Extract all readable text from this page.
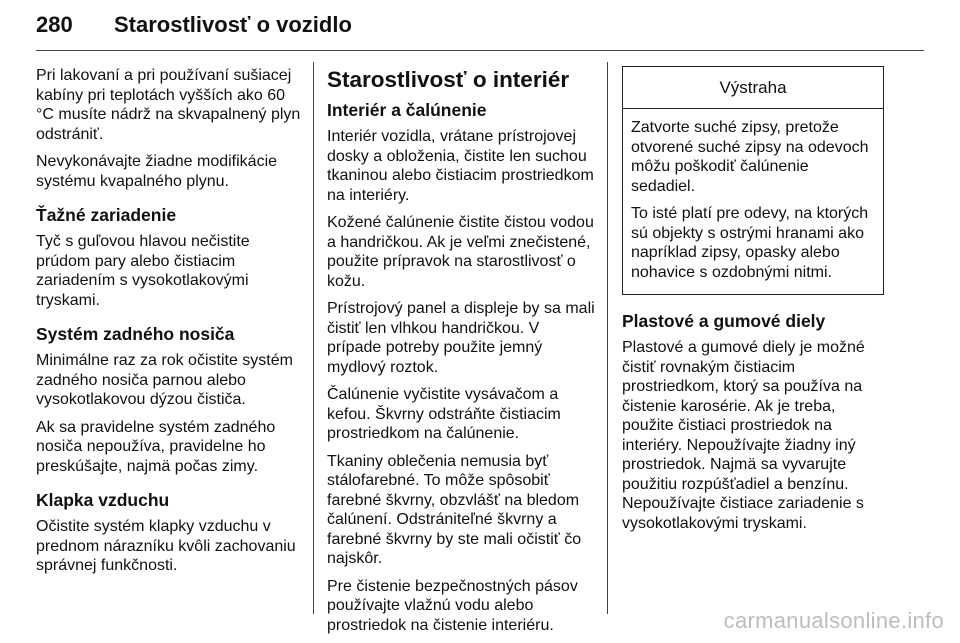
280 Starostlivosť o vozidlo

Pri lakovaní a pri používaní sušiacej kabíny pri teplotách vyšších ako 60 °C musíte nádrž na skvapalnený plyn odstrániť.

Nevykonávajte žiadne modifikácie systému kvapalného plynu.

Ťažné zariadenie

Tyč s guľovou hlavou nečistite prúdom pary alebo čistiacim zariadením s vysokotlakovými tryskami.

Systém zadného nosiča

Minimálne raz za rok očistite systém zadného nosiča parnou alebo vysokotlakovou dýzou čističa.

Ak sa pravidelne systém zadného nosiča nepoužíva, pravidelne ho preskúšajte, najmä počas zimy.

Klapka vzduchu

Očistite systém klapky vzduchu v prednom nárazníku kvôli zachovaniu správnej funkčnosti.

Starostlivosť o interiér
Interiér a čalúnenie

Interiér vozidla, vrátane prístrojovej dosky a obloženia, čistite len suchou tkaninou alebo čistiacim prostriedkom na interiéry.

Kožené čalúnenie čistite čistou vodou a handričkou. Ak je veľmi znečistené, použite prípravok na starostlivosť o kožu.

Prístrojový panel a displeje by sa mali čistiť len vlhkou handričkou. V prípade potreby použite jemný mydlový roztok.

Čalúnenie vyčistite vysávačom a kefou. Škvrny odstráňte čistiacim prostriedkom na čalúnenie.

Tkaniny oblečenia nemusia byť stálofarebné. To môže spôsobiť farebné škvrny, obzvlášť na bledom čalúnení. Odstrániteľné škvrny a farebné škvrny by ste mali očistiť čo najskôr.

Pre čistenie bezpečnostných pásov používajte vlažnú vodu alebo prostriedok na čistenie interiéru.

Výstraha

Zatvorte suché zipsy, pretože otvorené suché zipsy na odevoch môžu poškodiť čalúnenie sedadiel.

To isté platí pre odevy, na ktorých sú objekty s ostrými hranami ako napríklad zipsy, opasky alebo nohavice s ozdobnými nitmi.

Plastové a gumové diely

Plastové a gumové diely je možné čistiť rovnakým čistiacim prostriedkom, ktorý sa používa na čistenie karosérie. Ak je treba, použite čistiaci prostriedok na interiéry. Nepoužívajte žiadny iný prostriedok. Najmä sa vyvarujte použitiu rozpúšťadiel a benzínu. Nepoužívajte čistiace zariadenie s vysokotlakovými tryskami.

carmanualsonline.info
